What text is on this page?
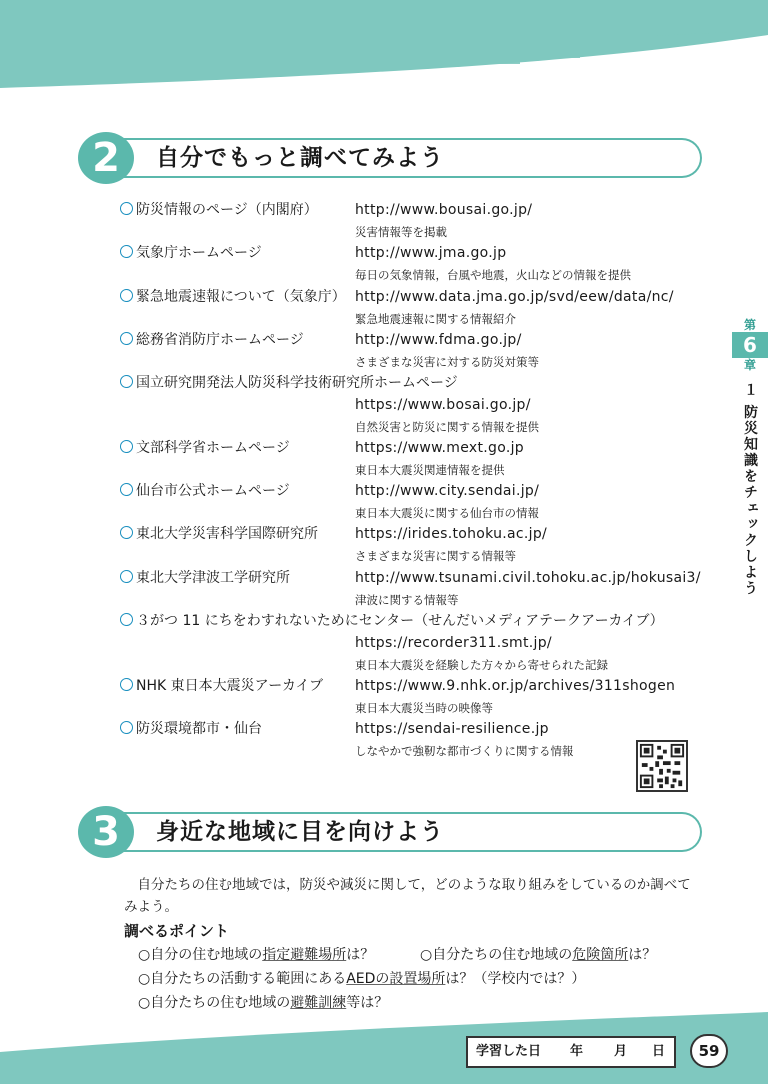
2	自分でもっと調べてみよう
防災情報のページ（内閣府）	http://www.bousai.go.jp/
災害情報等を掲載
気象庁ホームページ	http://www.jma.go.jp
毎日の気象情報，台風や地震，火山などの情報を提供
緊急地震速報について（気象庁） http://www.data.jma.go.jp/svd/eew/data/nc/
緊急地震速報に関する情報紹介
総務省消防庁ホームページ	http://www.fdma.go.jp/
さまざまな災害に対する防災対策等
国立研究開発法人防災科学技術研究所ホームページ
https://www.bosai.go.jp/
自然災害と防災に関する情報を提供
文部科学省ホームページ	https://www.mext.go.jp
東日本大震災関連情報を提供
仙台市公式ホームページ	http://www.city.sendai.jp/
東日本大震災に関する仙台市の情報
東北大学災害科学国際研究所	https://irides.tohoku.ac.jp/
さまざまな災害に関する情報等
東北大学津波工学研究所	http://www.tsunami.civil.tohoku.ac.jp/hokusai3/
津波に関する情報等
３がつ 11 にちをわすれないためにセンター（せんだいメディアテークアーカイブ）
https://recorder311.smt.jp/
東日本大震災を経験した方々から寄せられた記録
NHK 東日本大震災アーカイブ https://www.9.nhk.or.jp/archives/311shogen
東日本大震災当時の映像等
防災環境都市・仙台	https://sendai-resilience.jp
しなやかで強靭な都市づくりに関する情報
第
6
章
１ 防災知識をチェックしよう
3	身近な地域に目を向けよう
自分たちの住む地域では，防災や減災に関して，どのような取り組みをしているのか調べてみよう。
調べるポイント
○自分の住む地域の指定避難場所は？	○自分たちの住む地域の危険箇所は？
○自分たちの活動する範囲にあるAEDの設置場所は？（学校内では？）
○自分たちの住む地域の避難訓練等は？
学習した日 年 月 日	59
